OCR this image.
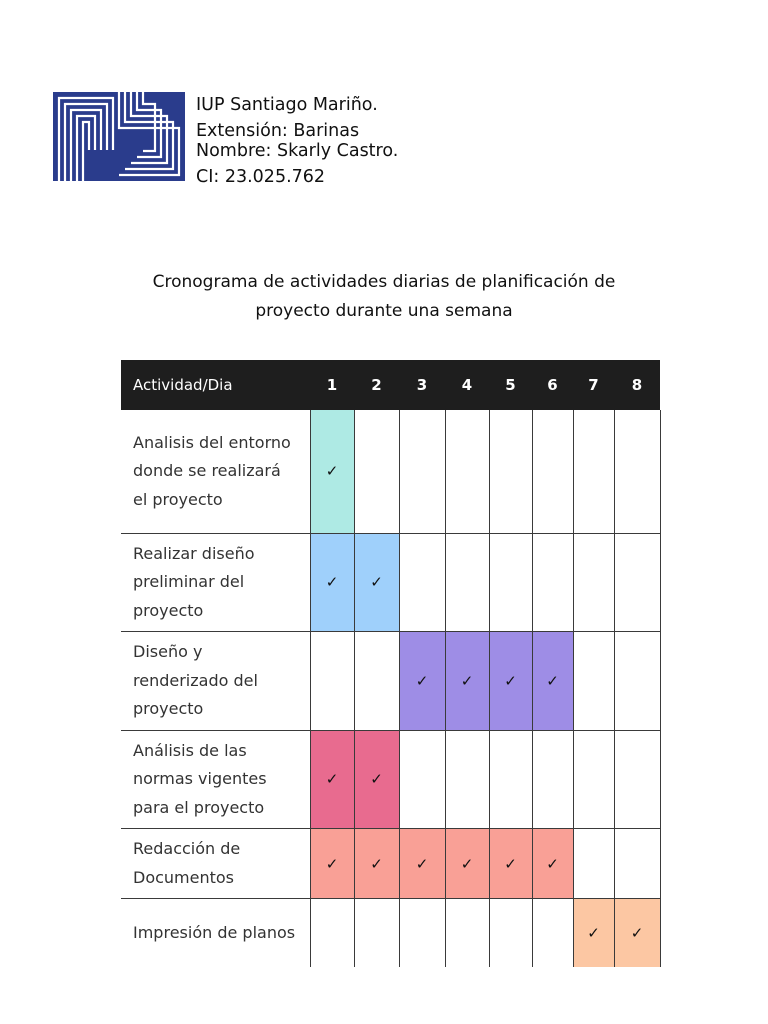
IUP Santiago Mariño.
Extensión: Barinas
Nombre: Skarly Castro.
CI: 23.025.762
Cronograma de actividades diarias de planificación de
proyecto durante una semana
Actividad/Dia	1	2	3	4	5	6	7	8
Analisis del entorno donde se realizará el proyecto	✓							
Realizar diseño preliminar del proyecto	✓	✓						
Diseño y renderizado del proyecto			✓	✓	✓	✓		
Análisis de las normas vigentes para el proyecto	✓	✓						
Redacción de Documentos	✓	✓	✓	✓	✓	✓		
Impresión de planos							✓	✓
